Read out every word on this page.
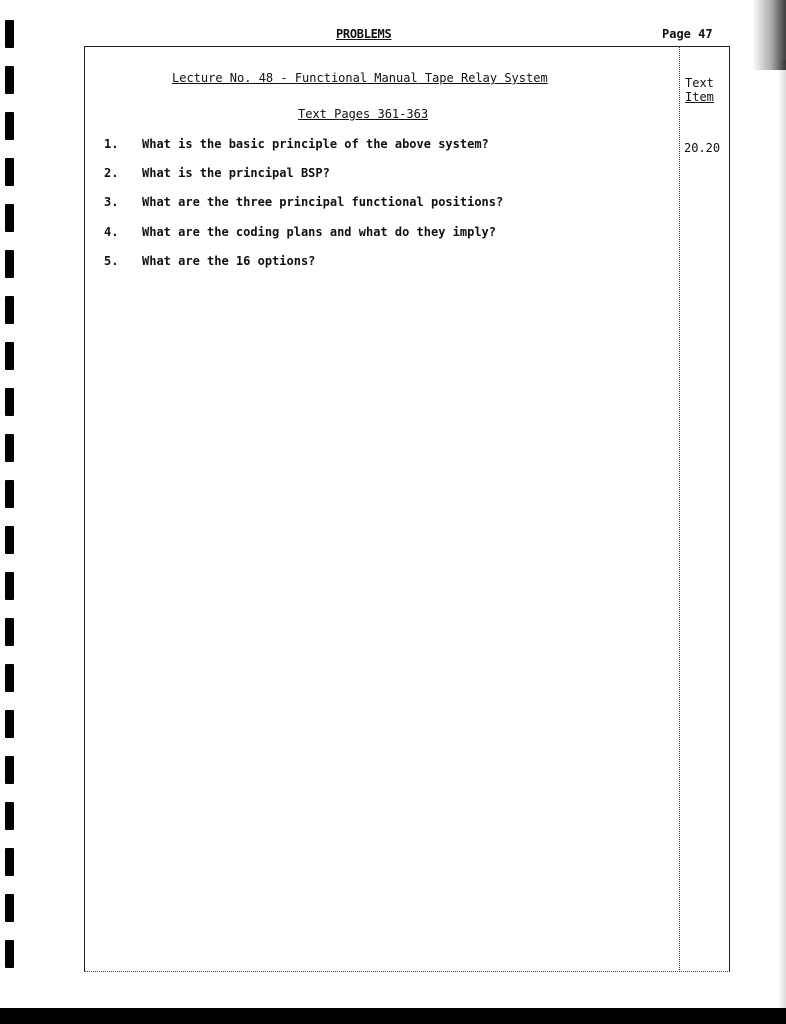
PROBLEMS	Page 47
Lecture No. 48 - Functional Manual Tape Relay System
Text Pages 361-363
Text
Item
1. What is the basic principle of the above system?
2. What is the principal BSP?
3. What are the three principal functional positions?
4. What are the coding plans and what do they imply?
5. What are the 16 options?
20.20
